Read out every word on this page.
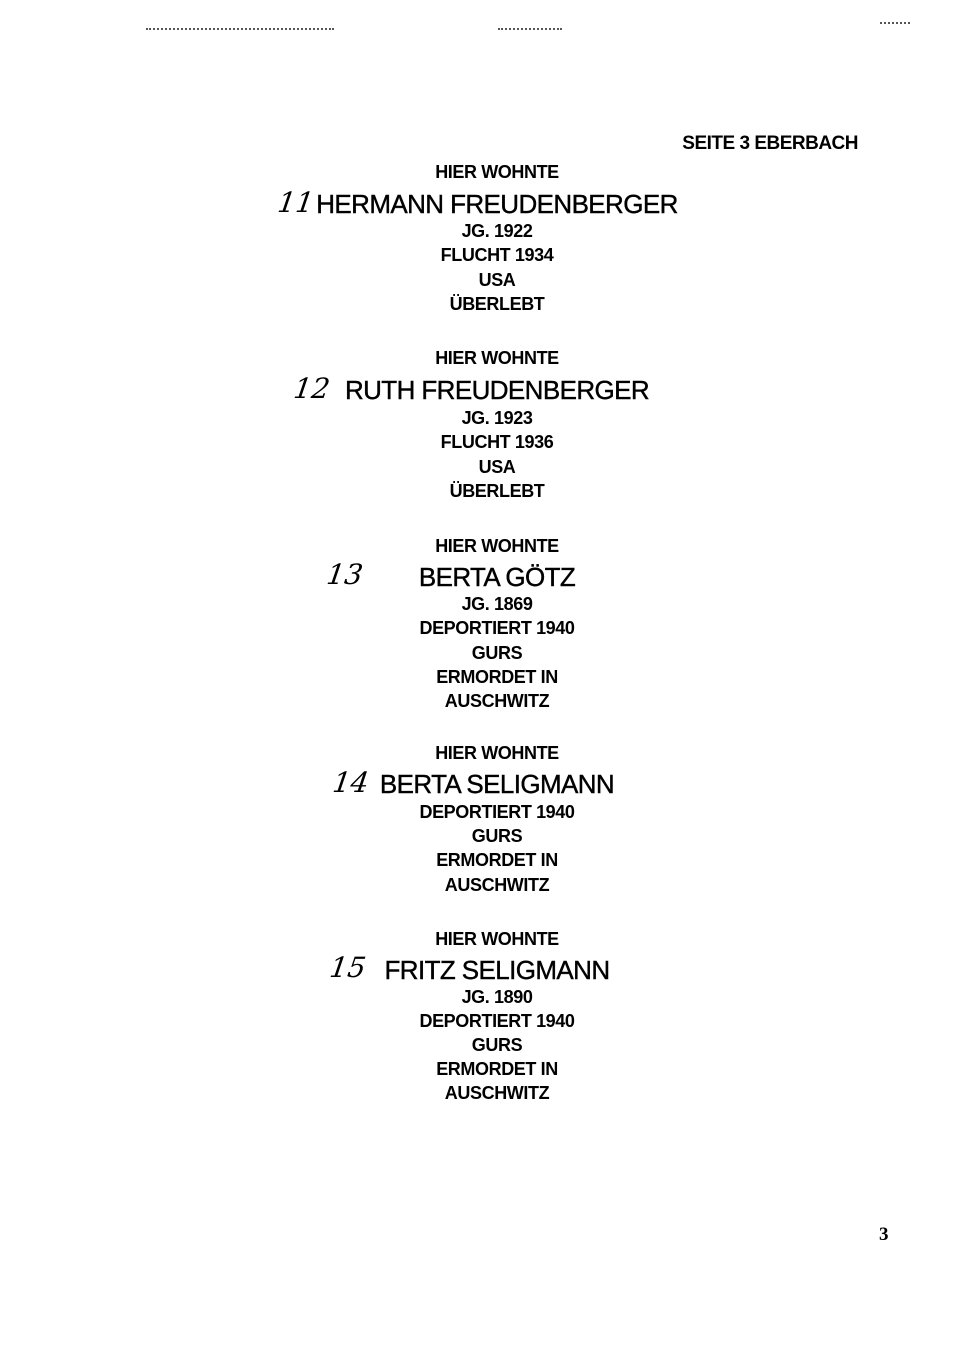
SEITE 3 EBERBACH
11
HIER WOHNTE
HERMANN FREUDENBERGER
JG. 1922
FLUCHT 1934
USA
ÜBERLEBT
12
HIER WOHNTE
RUTH FREUDENBERGER
JG. 1923
FLUCHT 1936
USA
ÜBERLEBT
13
HIER WOHNTE
BERTA GÖTZ
JG. 1869
DEPORTIERT 1940
GURS
ERMORDET IN
AUSCHWITZ
14
HIER WOHNTE
BERTA SELIGMANN
DEPORTIERT 1940
GURS
ERMORDET IN
AUSCHWITZ
15
HIER WOHNTE
FRITZ SELIGMANN
JG. 1890
DEPORTIERT 1940
GURS
ERMORDET IN
AUSCHWITZ
3
